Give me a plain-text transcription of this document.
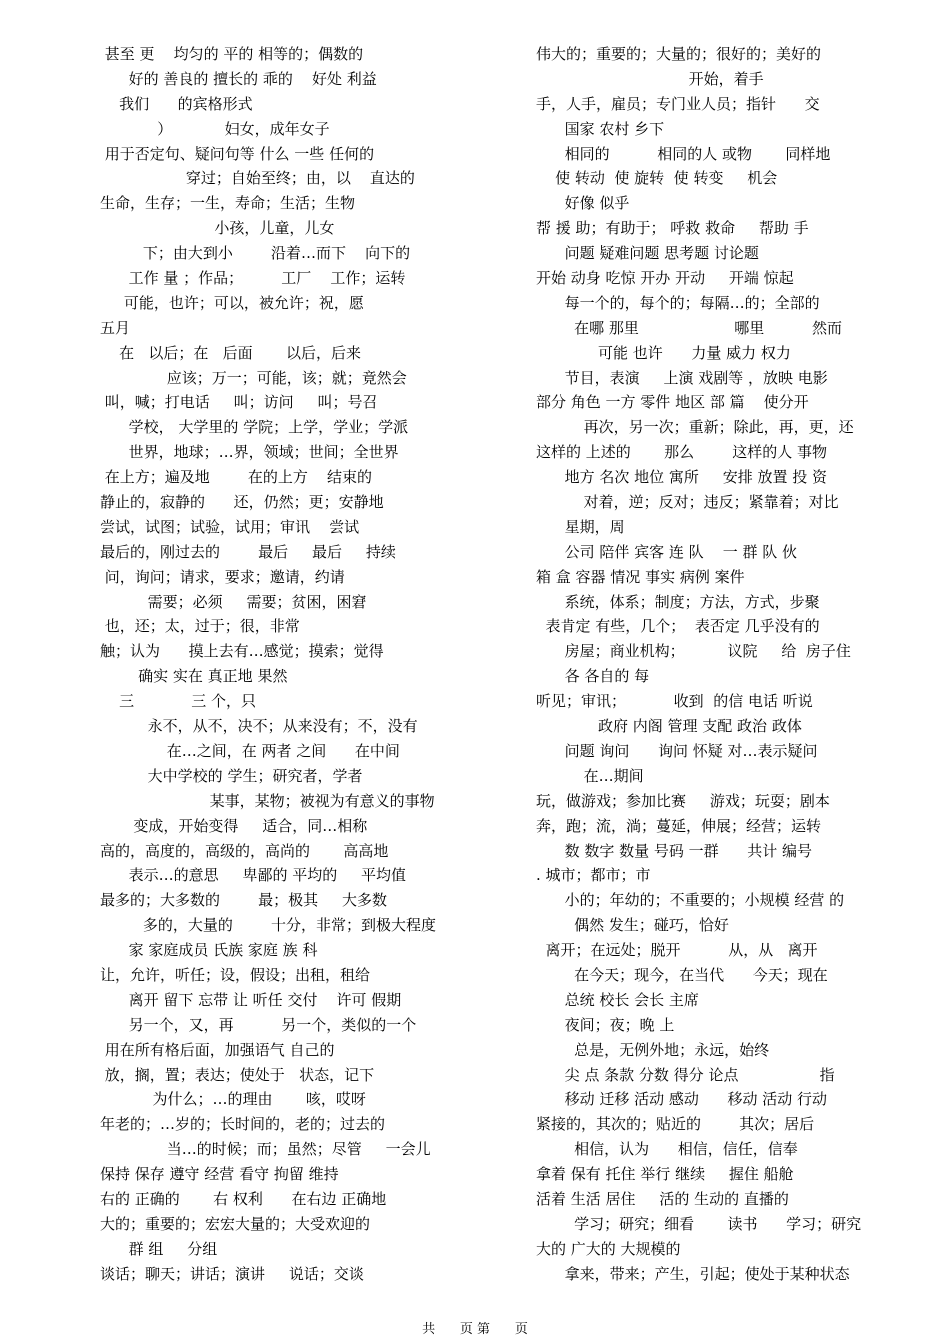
甚至 更    均匀的 平的 相等的；偶数的
好的 善良的 擅长的 乖的    好处 利益
我们      的宾格形式
）           妇女，成年女子
用于否定句、疑问句等 什么 一些 任何的
穿过；自始至终；由，以    直达的
生命，生存；一生，寿命；生活；生物
小孩，儿童，儿女
下；由大到小        沿着…而下    向下的
工作 量 ；作品；        工厂    工作；运转
可能，也许；可以，被允许；祝，愿
五月
在   以后；在   后面       以后，后来
应该；万一；可能，该；就；竟然会
叫，喊；打电话     叫；访问     叫；号召
学校， 大学里的 学院；上学，学业；学派
世界，地球；…界，领域；世间；全世界
在上方；遍及地        在的上方    结束的
静止的，寂静的      还，仍然；更；安静地
尝试，试图；试验，试用；审讯    尝试
最后的，刚过去的        最后     最后     持续
问，询问；请求，要求；邀请，约请
需要；必须     需要；贫困，困窘
也，还；太，过于；很，非常
触；认为      摸上去有…感觉；摸索；觉得
确实 实在 真正地 果然
三            三 个，只
永不，从不，决不；从来没有；不，没有
在…之间，在 两者 之间      在中间
大中学校的 学生；研究者，学者
某事，某物；被视为有意义的事物
变成，开始变得     适合，同…相称
高的，高度的，高级的，高尚的       高高地
表示…的意思     卑鄙的 平均的     平均值
最多的；大多数的        最；极其     大多数
多的，大量的        十分，非常；到极大程度
家 家庭成员 氏族 家庭 族 科
让，允许，听任；设，假设；出租，租给
离开 留下 忘带 让 听任 交付    许可 假期
另一个，又，再          另一个，类似的一个
用在所有格后面，加强语气 自己的
放，搁，置；表达；使处于   状态，记下
为什么；…的理由       咳，哎呀
年老的；…岁的；长时间的，老的；过去的
当…的时候；而；虽然；尽管     一会儿
保持 保存 遵守 经营 看守 拘留 维持
右的 正确的       右 权利      在右边 正确地
大的；重要的；宏宏大量的；大受欢迎的
群 组     分组
谈话；聊天；讲话；演讲     说话；交谈
伟大的；重要的；大量的；很好的；美好的
开始，着手
手，人手，雇员；专门业人员；指针      交
国家 农村 乡下
相同的          相同的人 或物       同样地
使 转动  使 旋转  使 转变     机会
好像 似乎
帮 援 助；有助于； 呼救 救命     帮助 手
问题 疑难问题 思考题 讨论题
开始 动身 吃惊 开办 开动     开端 惊起
每一个的，每个的；每隔…的；全部的
在哪 那里                    哪里          然而
可能 也许      力量 威力 权力
节目，表演     上演 戏剧等 ，放映 电影
部分 角色 一方 零件 地区 部 篇    使分开
再次，另一次；重新；除此，再，更，还
这样的 上述的       那么        这样的人 事物
地方 名次 地位 寓所     安排 放置 投 资
对着，逆；反对；违反；紧靠着；对比
星期，周
公司 陪伴 宾客 连 队    一 群 队 伙
箱 盒 容器 情况 事实 病例 案件
系统，体系；制度；方法，方式，步聚
表肯定 有些，几个；  表否定 几乎没有的
房屋；商业机构；         议院     给  房子住
各 各自的 每
听见；审讯；          收到  的信 电话 听说
政府 内阁 管理 支配 政治 政体
问题 询问      询问 怀疑 对…表示疑问
在…期间
玩，做游戏；参加比赛     游戏；玩耍；剧本
奔，跑；流，淌；蔓延，伸展；经营；运转
数 数字 数量 号码 一群      共计 编号
. 城市；都市；市
小的；年幼的；不重要的；小规模 经营 的
偶然 发生；碰巧，恰好
离开；在远处；脱开          从，从   离开
在今天；现今，在当代      今天；现在
总统 校长 会长 主席
夜间；夜；晚 上
总是，无例外地；永远，始终
尖 点 条款 分数 得分 论点                 指
移动 迁移 活动 感动      移动 活动 行动
紧接的，其次的；贴近的        其次；居后
相信，认为      相信，信任，信奉
拿着 保有 托住 举行 继续     握住 船舱
活着 生活 居住     活的 生动的 直播的
学习；研究；细看       读书      学习；研究
大的 广大的 大规模的
拿来，带来；产生，引起；使处于某种状态
共      页 第      页
